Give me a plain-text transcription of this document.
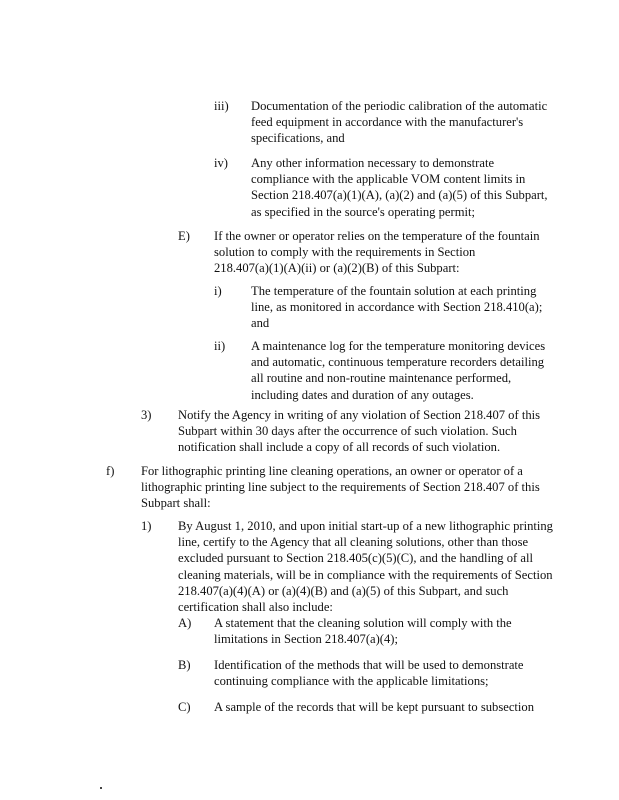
iii) Documentation of the periodic calibration of the automatic
feed equipment in accordance with the manufacturer's
specifications, and
iv) Any other information necessary to demonstrate
compliance with the applicable VOM content limits in
Section 218.407(a)(1)(A), (a)(2) and (a)(5) of this Subpart,
as specified in the source's operating permit;
E) If the owner or operator relies on the temperature of the fountain
solution to comply with the requirements in Section
218.407(a)(1)(A)(ii) or (a)(2)(B) of this Subpart:
i) The temperature of the fountain solution at each printing
line, as monitored in accordance with Section 218.410(a);
and
ii) A maintenance log for the temperature monitoring devices
and automatic, continuous temperature recorders detailing
all routine and non-routine maintenance performed,
including dates and duration of any outages.
3) Notify the Agency in writing of any violation of Section 218.407 of this
Subpart within 30 days after the occurrence of such violation. Such
notification shall include a copy of all records of such violation.
f) For lithographic printing line cleaning operations, an owner or operator of a
lithographic printing line subject to the requirements of Section 218.407 of this
Subpart shall:
1) By August 1, 2010, and upon initial start-up of a new lithographic printing
line, certify to the Agency that all cleaning solutions, other than those
excluded pursuant to Section 218.405(c)(5)(C), and the handling of all
cleaning materials, will be in compliance with the requirements of Section
218.407(a)(4)(A) or (a)(4)(B) and (a)(5) of this Subpart, and such
certification shall also include:
A) A statement that the cleaning solution will comply with the
limitations in Section 218.407(a)(4);
B) Identification of the methods that will be used to demonstrate
continuing compliance with the applicable limitations;
C) A sample of the records that will be kept pursuant to subsection
